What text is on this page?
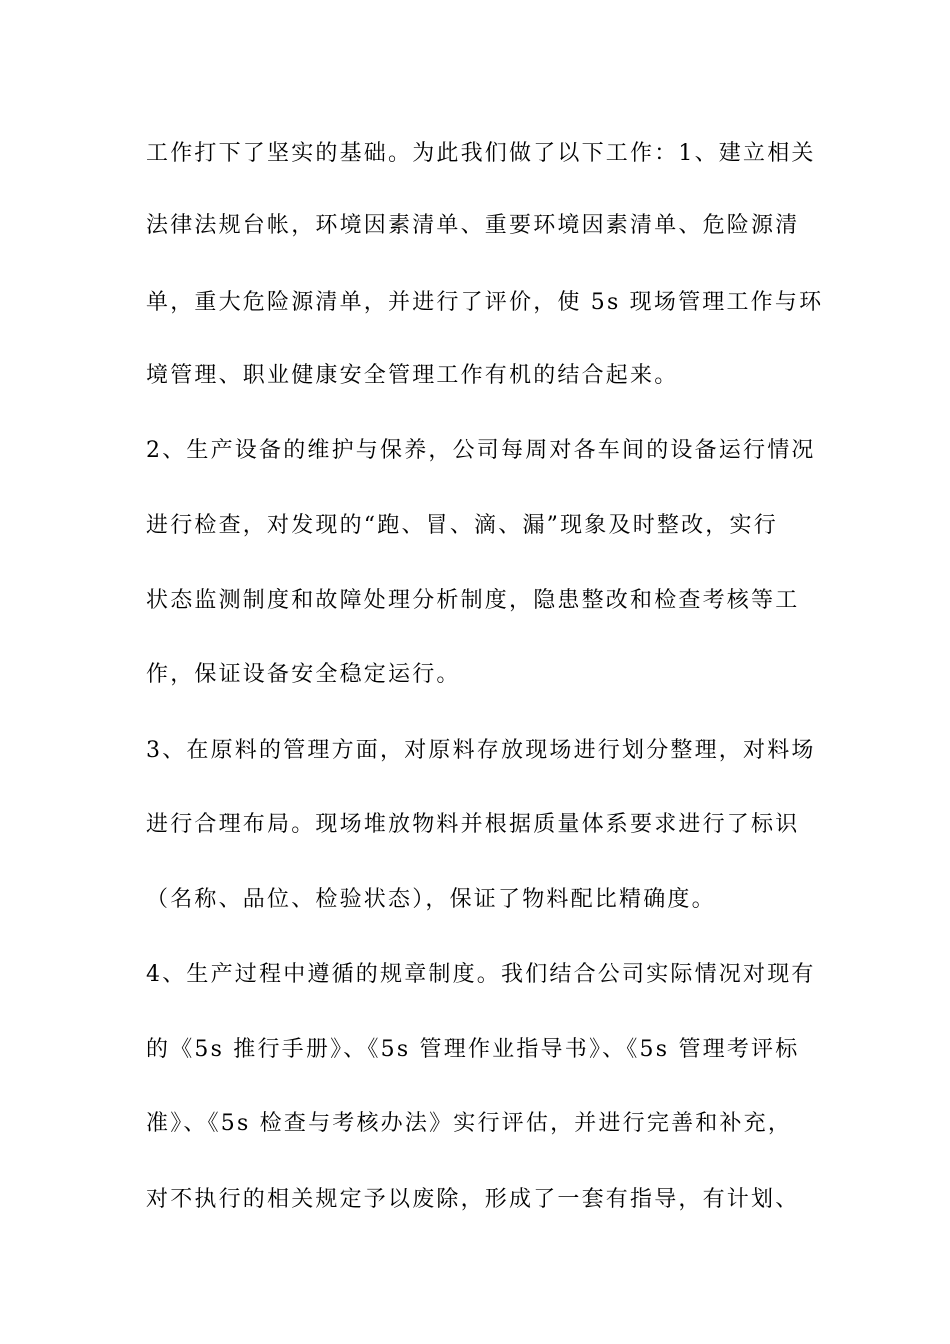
工作打下了坚实的基础。为此我们做了以下工作：1、建立相关
法律法规台帐，环境因素清单、重要环境因素清单、危险源清
单，重大危险源清单，并进行了评价，使 5s 现场管理工作与环
境管理、职业健康安全管理工作有机的结合起来。
2、生产设备的维护与保养，公司每周对各车间的设备运行情况
进行检查，对发现的“跑、冒、滴、漏”现象及时整改，实行
状态监测制度和故障处理分析制度，隐患整改和检查考核等工
作，保证设备安全稳定运行。
3、在原料的管理方面，对原料存放现场进行划分整理，对料场
进行合理布局。现场堆放物料并根据质量体系要求进行了标识
（名称、品位、检验状态），保证了物料配比精确度。
4、生产过程中遵循的规章制度。我们结合公司实际情况对现有
的《5s 推行手册》、《5s 管理作业指导书》、《5s 管理考评标
准》、《5s 检查与考核办法》实行评估，并进行完善和补充，
对不执行的相关规定予以废除，形成了一套有指导，有计划、
